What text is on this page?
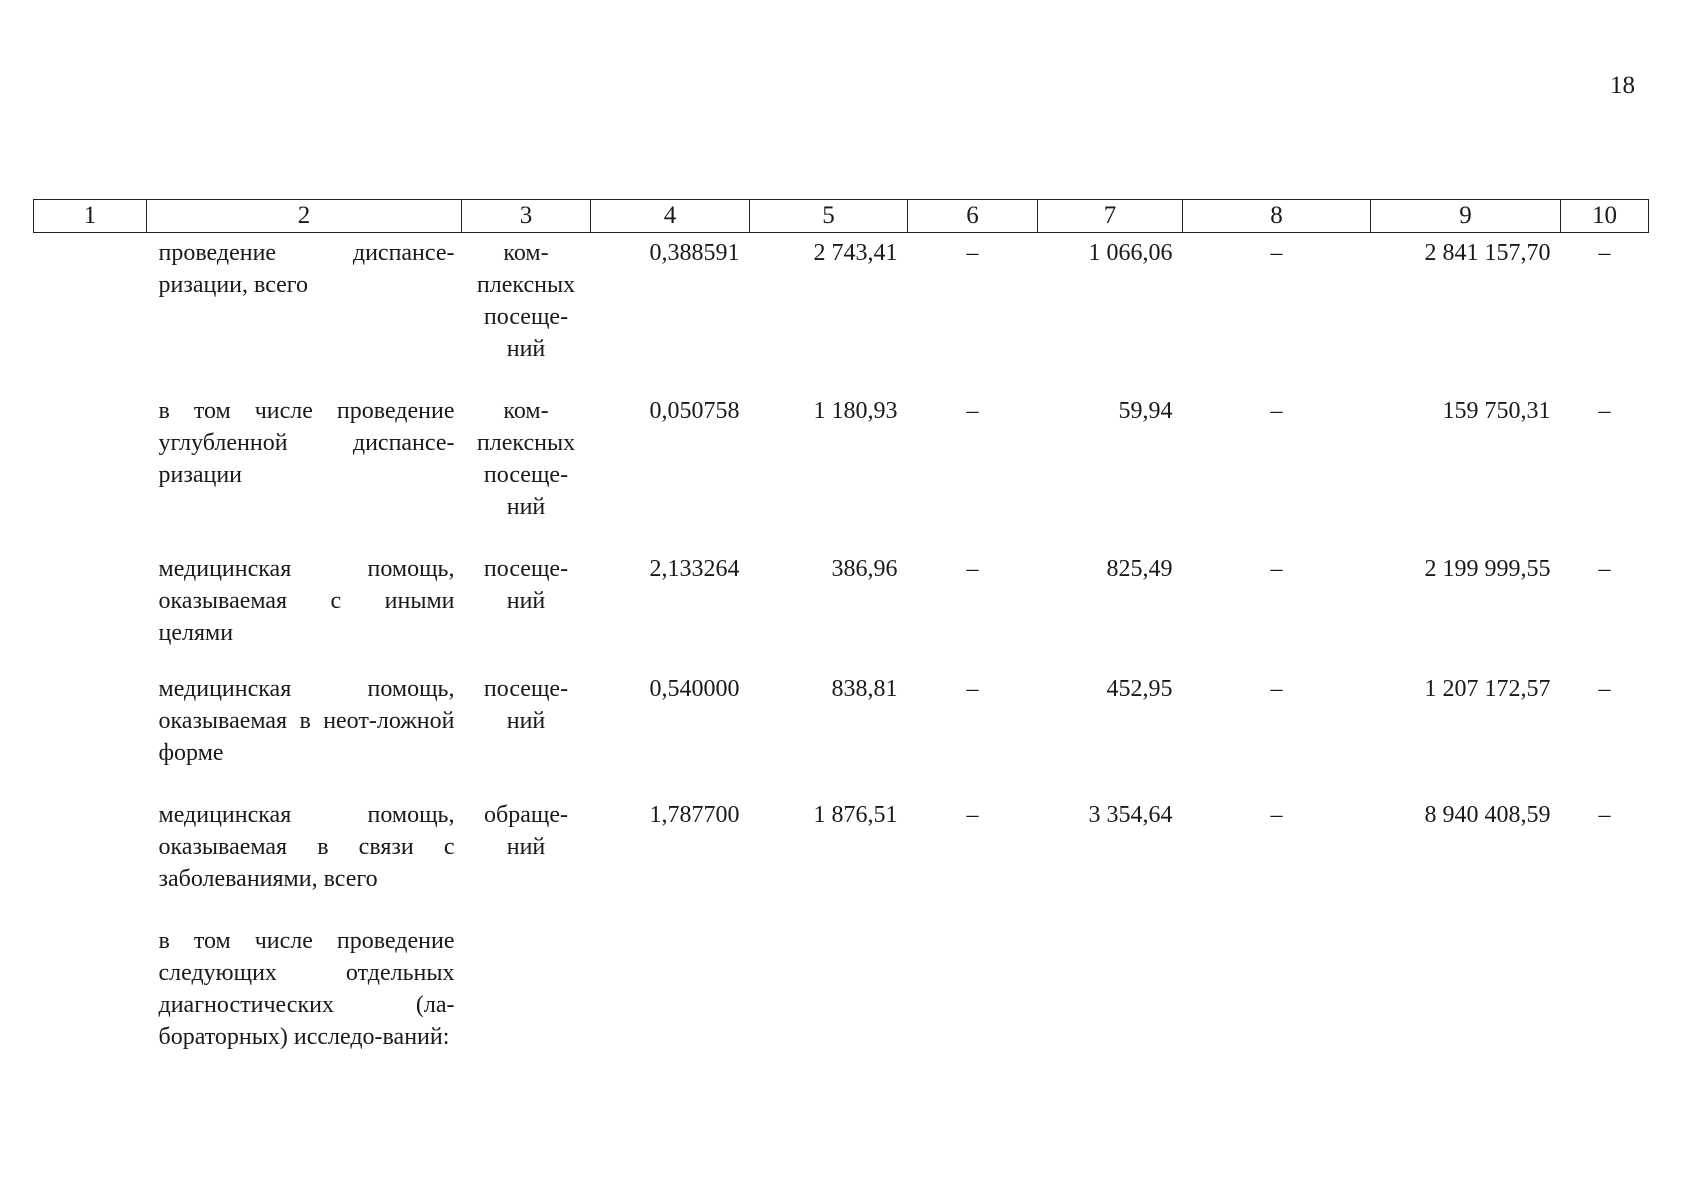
18
1	2	3	4	5	6	7	8	9	10
	проведение диспансе-ризации, всего	ком-плексных посеще-ний	0,388591	2 743,41	–	1 066,06	–	2 841 157,70	–
	в том числе проведение углубленной диспансе-ризации	ком-плексных посеще-ний	0,050758	1 180,93	–	59,94	–	159 750,31	–
	медицинская помощь, оказываемая с иными целями	посеще-ний	2,133264	386,96	–	825,49	–	2 199 999,55	–
	медицинская помощь, оказываемая в неот-ложной форме	посеще-ний	0,540000	838,81	–	452,95	–	1 207 172,57	–
	медицинская помощь, оказываемая в связи с заболеваниями, всего	обраще-ний	1,787700	1 876,51	–	3 354,64	–	8 940 408,59	–
	в том числе проведение следующих отдельных диагностических (ла-бораторных) исследо-ваний:								
